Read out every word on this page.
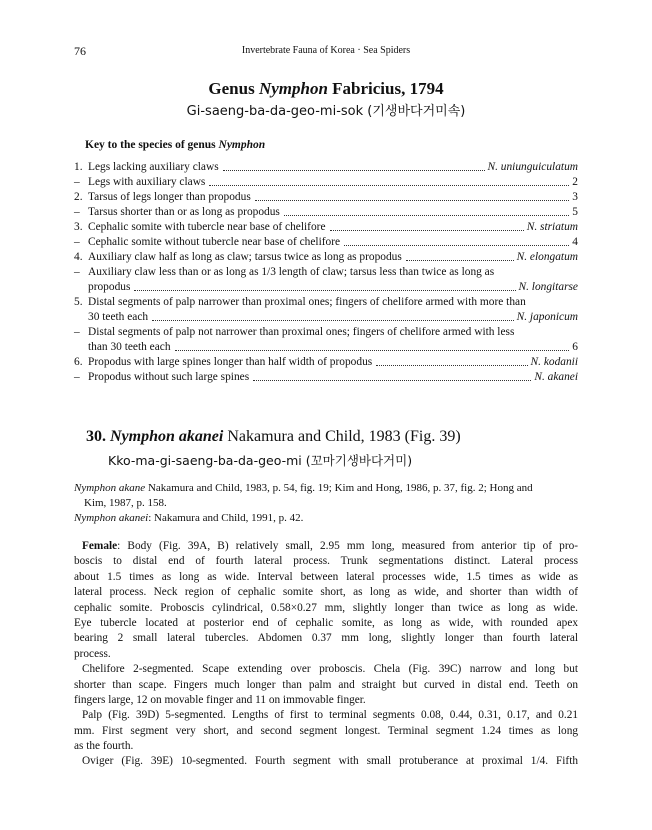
76	Invertebrate Fauna of Korea · Sea Spiders
Genus Nymphon Fabricius, 1794
Gi-saeng-ba-da-geo-mi-sok (기생바다거미속)
Key to the species of genus Nymphon
1. Legs lacking auxiliary claws	N. uniunguiculatum
– Legs with auxiliary claws	2
2. Tarsus of legs longer than propodus	3
– Tarsus shorter than or as long as propodus	5
3. Cephalic somite with tubercle near base of chelifore	N. striatum
– Cephalic somite without tubercle near base of chelifore	4
4. Auxiliary claw half as long as claw; tarsus twice as long as propodus	N. elongatum
– Auxiliary claw less than or as long as 1/3 length of claw; tarsus less than twice as long as
propodus	N. longitarse
5. Distal segments of palp narrower than proximal ones; fingers of chelifore armed with more than
30 teeth each	N. japonicum
– Distal segments of palp not narrower than proximal ones; fingers of chelifore armed with less
than 30 teeth each	6
6. Propodus with large spines longer than half width of propodus	N. kodanii
– Propodus without such large spines	N. akanei
30. Nymphon akanei Nakamura and Child, 1983 (Fig. 39)
Kko-ma-gi-saeng-ba-da-geo-mi (꼬마기생바다거미)

Nymphon akane Nakamura and Child, 1983, p. 54, fig. 19; Kim and Hong, 1986, p. 37, fig. 2; Hong and
Kim, 1987, p. 158.

Nymphon akanei: Nakamura and Child, 1991, p. 42.

Female: Body (Fig. 39A, B) relatively small, 2.95 mm long, measured from anterior tip of pro-
boscis to distal end of fourth lateral process. Trunk segmentations distinct. Lateral process
about 1.5 times as long as wide. Interval between lateral processes wide, 1.5 times as wide as
lateral process. Neck region of cephalic somite short, as long as wide, and shorter than width of
cephalic somite. Proboscis cylindrical, 0.58×0.27 mm, slightly longer than twice as long as wide.
Eye tubercle located at posterior end of cephalic somite, as long as wide, with rounded apex
bearing 2 small lateral tubercles. Abdomen 0.37 mm long, slightly longer than fourth lateral
process.
Chelifore 2-segmented. Scape extending over proboscis. Chela (Fig. 39C) narrow and long but
shorter than scape. Fingers much longer than palm and straight but curved in distal end. Teeth on
fingers large, 12 on movable finger and 11 on immovable finger.
Palp (Fig. 39D) 5-segmented. Lengths of first to terminal segments 0.08, 0.44, 0.31, 0.17, and 0.21
mm. First segment very short, and second segment longest. Terminal segment 1.24 times as long
as the fourth.
Oviger (Fig. 39E) 10-segmented. Fourth segment with small protuberance at proximal 1/4. Fifth
